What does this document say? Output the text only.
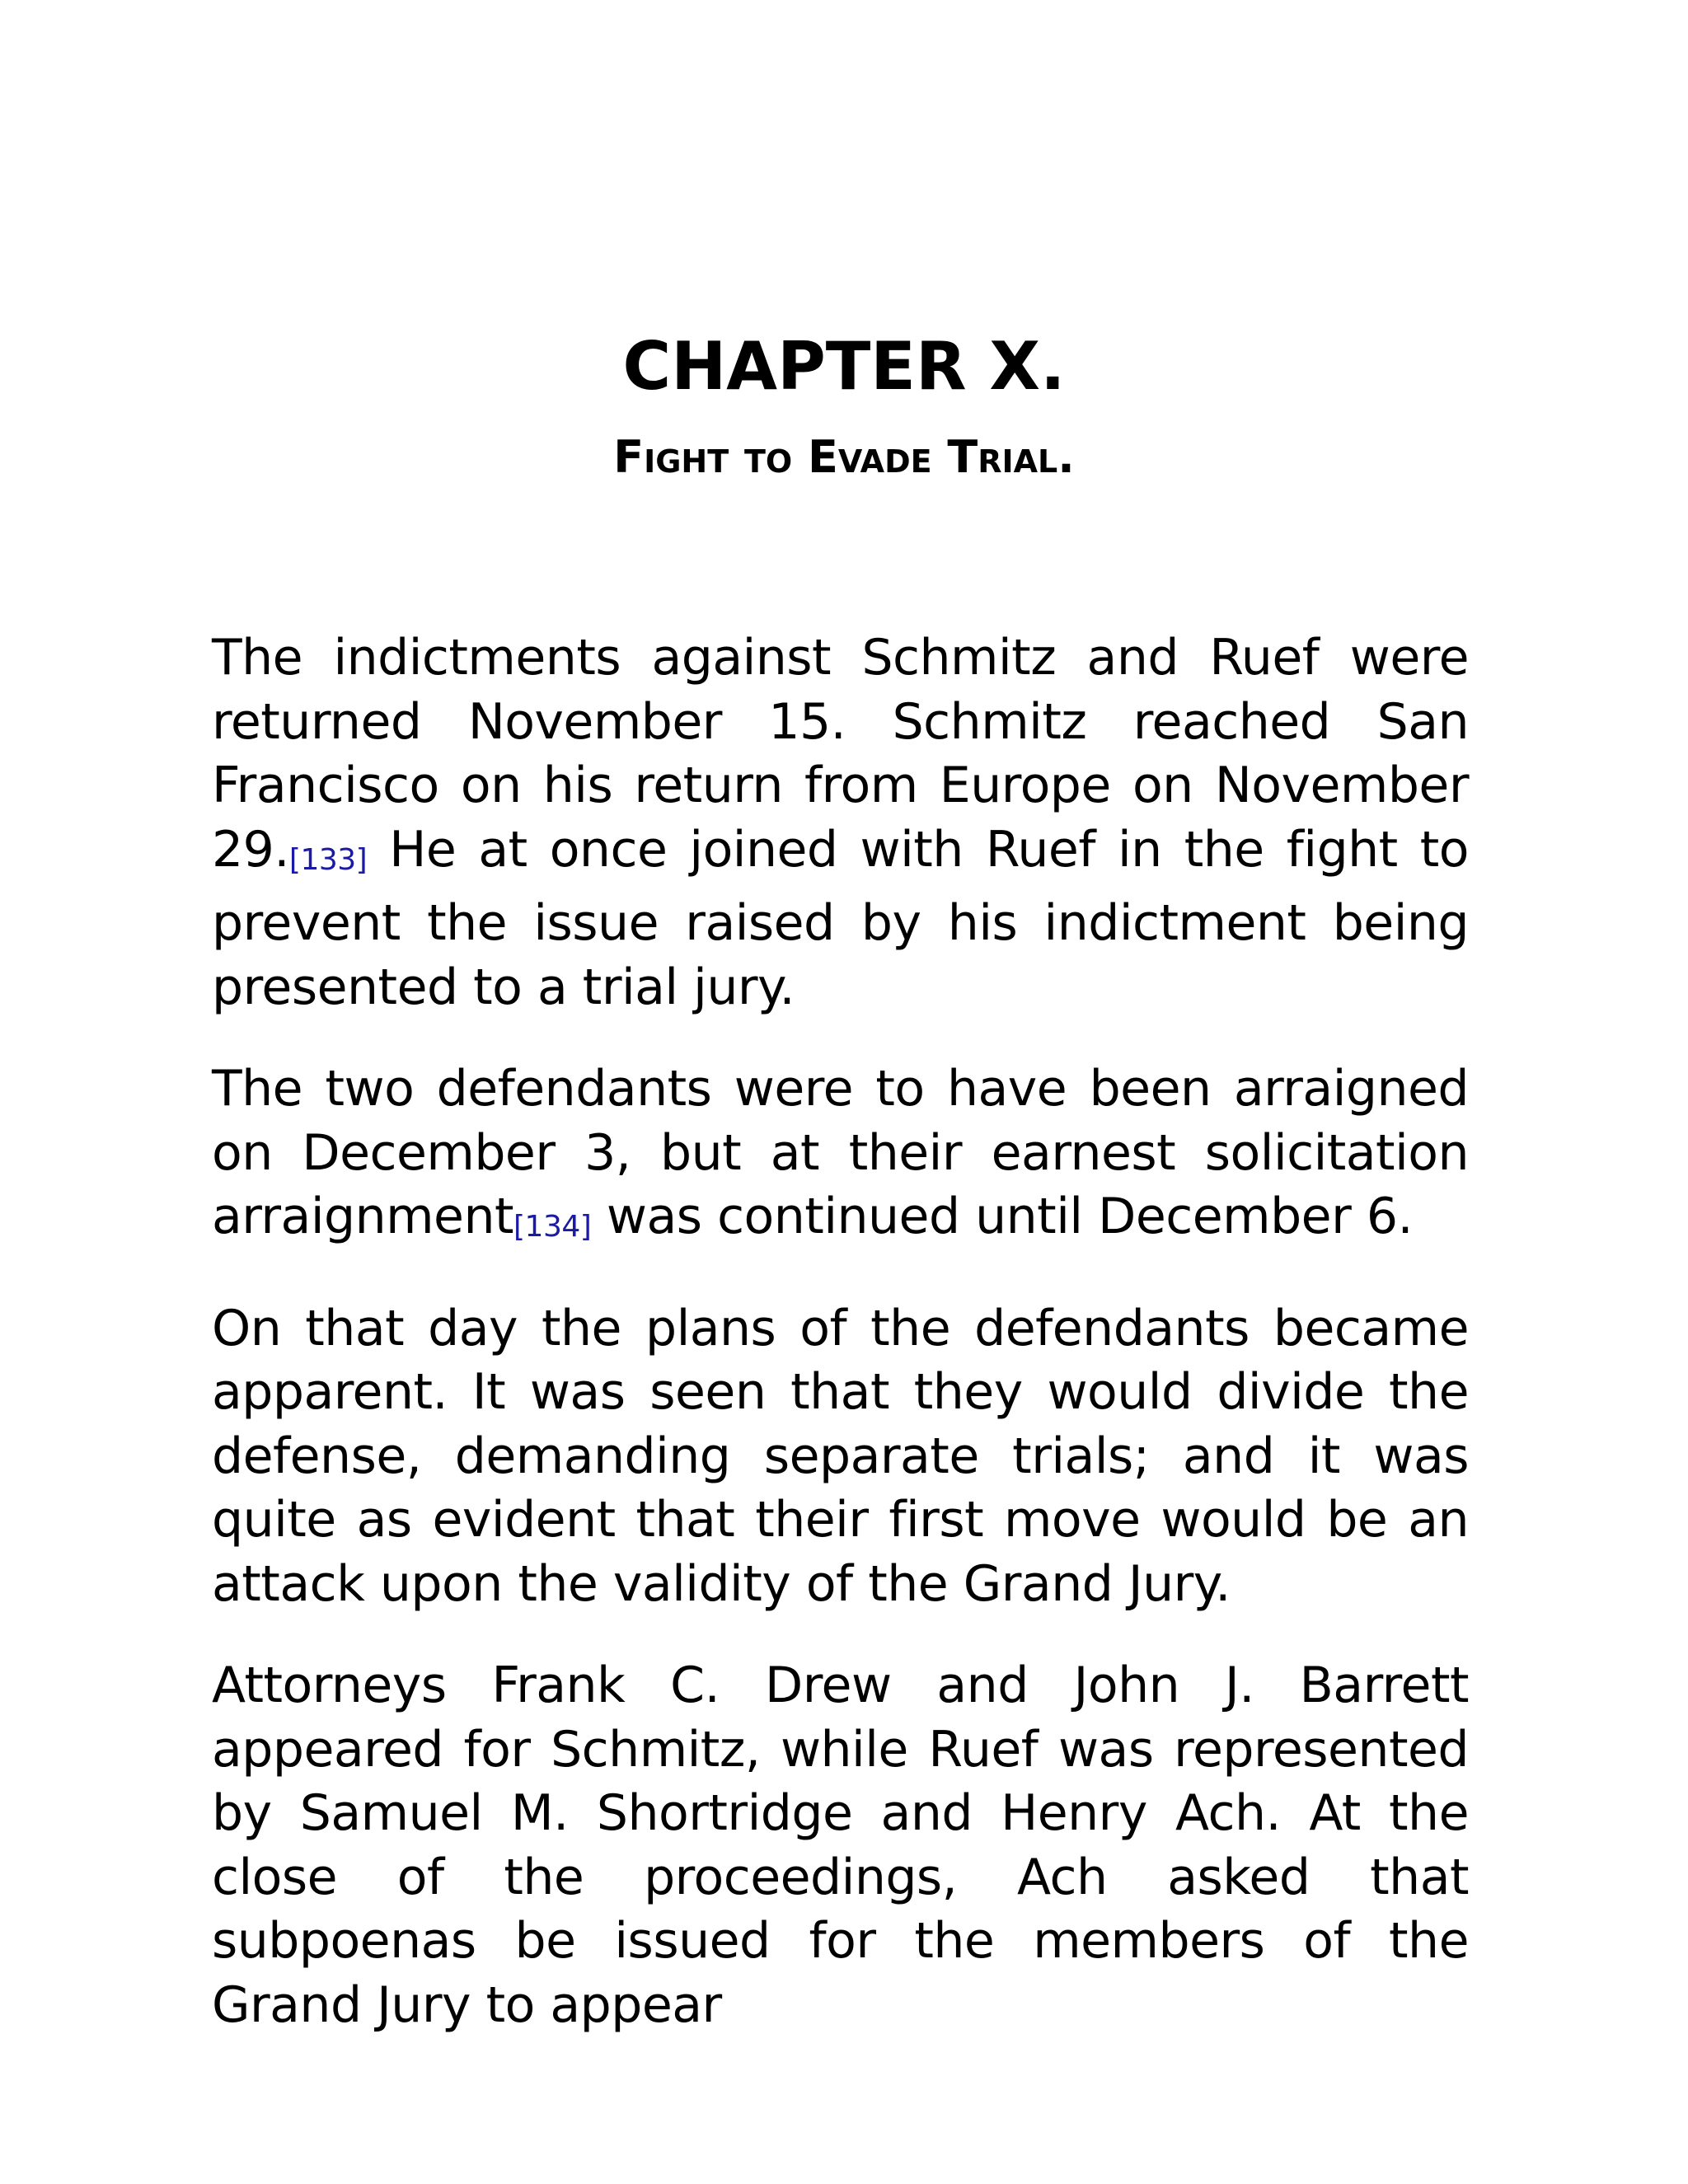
CHAPTER X.
Fight to Evade Trial.

The indictments against Schmitz and Ruef were returned November 15. Schmitz reached San Francisco on his return from Europe on November 29.[133] He at once joined with Ruef in the fight to prevent the issue raised by his indictment being presented to a trial jury.

The two defendants were to have been arraigned on December 3, but at their earnest solicitation arraignment[134] was continued until December 6.

On that day the plans of the defendants became apparent. It was seen that they would divide the defense, demanding separate trials; and it was quite as evident that their first move would be an attack upon the validity of the Grand Jury.

Attorneys Frank C. Drew and John J. Barrett appeared for Schmitz, while Ruef was represented by Samuel M. Shortridge and Henry Ach. At the close of the proceedings, Ach asked that subpoenas be issued for the members of the Grand Jury to appear
